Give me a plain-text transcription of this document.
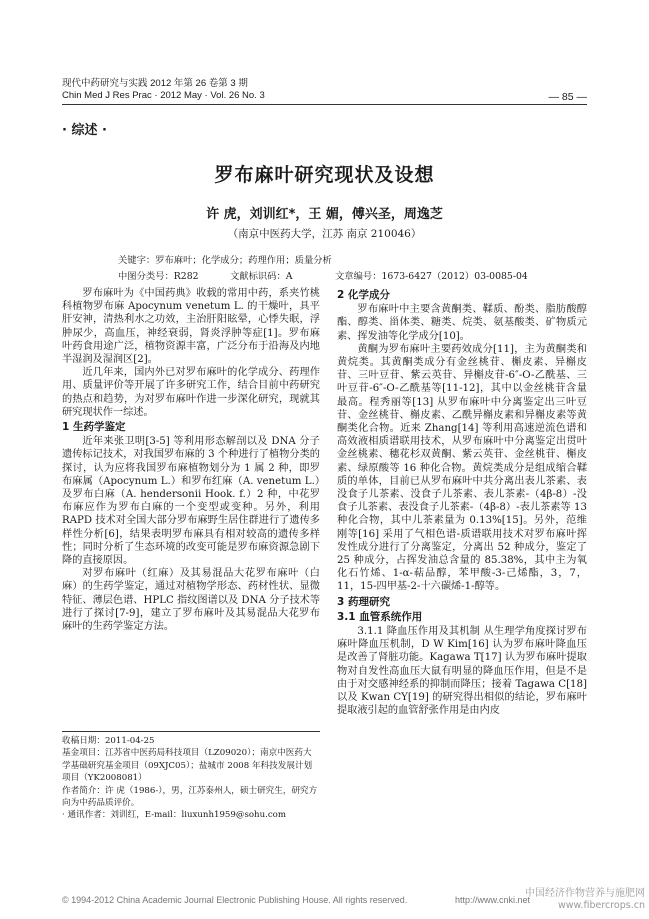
现代中药研究与实践 2012 年第 26 卷第 3 期
Chin Med J Res Prac · 2012 May · Vol. 26 No. 3	— 85 —
· 综述 ·
罗布麻叶研究现状及设想
许 虎，刘训红*，王 媚，傅兴圣，周逸芝
（南京中医药大学，江苏 南京 210046）
关键字：罗布麻叶；化学成分；药理作用；质量分析
中图分类号：R282	文献标识码：A	文章编号：1673-6427（2012）03-0085-04

罗布麻叶为《中国药典》收载的常用中药，系夹竹桃科植物罗布麻 Apocynum venetum L. 的干燥叶，具平肝安神，清热利水之功效，主治肝阳眩晕，心悸失眠，浮肿尿少，高血压，神经衰弱，肾炎浮肿等症[1]。罗布麻叶药食用途广泛，植物资源丰富，广泛分布于沿海及内地半湿润及湿润区[2]。

近几年来，国内外已对罗布麻叶的化学成分、药理作用、质量评价等开展了许多研究工作，结合目前中药研究的热点和趋势，为对罗布麻叶作进一步深化研究，现就其研究现状作一综述。

1 生药学鉴定

近年来张卫明[3-5] 等利用形态解剖以及 DNA 分子遗传标记技术，对我国罗布麻的 3 个种进行了植物分类的探讨，认为应将我国罗布麻植物划分为 1 属 2 种，即罗布麻属（Apocynum L.）和罗布红麻（A. venetum L.）及罗布白麻（A. hendersonii Hook. f.）2 种，中花罗布麻应作为罗布白麻的一个变型或变种。另外，利用 RAPD 技术对全国大部分罗布麻野生居住群进行了遗传多样性分析[6]，结果表明罗布麻具有相对较高的遗传多样性；同时分析了生态环境的改变可能是罗布麻资源急剧下降的直接原因。

对罗布麻叶（红麻）及其易混品大花罗布麻叶（白麻）的生药学鉴定，通过对植物学形态、药材性状、显微特征、薄层色谱、HPLC 指纹图谱以及 DNA 分子技术等进行了探讨[7-9]，建立了罗布麻叶及其易混品大花罗布麻叶的生药学鉴定方法。

收稿日期：2011-04-25
基金项目：江苏省中医药局科技项目（LZ09020）；南京中医药大学基础研究基金项目（09XJC05）；盐城市 2008 年科技发展计划项目（YK2008081）
作者简介：许 虎（1986-），男，江苏泰州人，硕士研究生，研究方向为中药品质评价。
· 通讯作者：刘训红，E-mail：liuxunh1959@sohu.com

2 化学成分

罗布麻叶中主要含黄酮类、鞣质、酚类、脂肪酸醇酯、醇类、甾体类、糖类、烷类、氨基酸类、矿物质元素、挥发油等化学成分[10]。

黄酮为罗布麻叶主要药效成分[11]，主为黄酮类和黄烷类。其黄酮类成分有金丝桃苷、槲皮素、异槲皮苷、三叶豆苷、紫云英苷、异槲皮苷-6″-O-乙酰基、三叶豆苷-6″-O-乙酰基等[11-12]，其中以金丝桃苷含量最高。程秀丽等[13] 从罗布麻叶中分离鉴定出三叶豆苷、金丝桃苷、槲皮素、乙酰异槲皮素和异槲皮素等黄酮类化合物。近来 Zhang[14] 等利用高速逆流色谱和高效液相质谱联用技术，从罗布麻叶中分离鉴定出贯叶金丝桃素、穗花杉双黄酮、紫云英苷、金丝桃苷、槲皮素、绿原酸等 16 种化合物。黄烷类成分是组成缩合鞣质的单体，目前已从罗布麻叶中共分离出表儿茶素、表没食子儿茶素、没食子儿茶素、表儿茶素-（4β-8）-没食子儿茶素、表没食子儿茶素-（4β-8）-表儿茶素等 13 种化合物，其中儿茶素量为 0.13%[15]。另外，范维刚等[16] 采用了气相色谱-质谱联用技术对罗布麻叶挥发性成分进行了分离鉴定，分离出 52 种成分，鉴定了 25 种成分，占挥发油总含量的 85.38%，其中主为氧化石竹烯、1-α-萜品醇，苯甲酸-3-己烯酯，3，7，11，15-四甲基-2-十六碳烯-1-醇等。

3 药理研究

3.1 血管系统作用

3.1.1 降血压作用及其机制 从生理学角度探讨罗布麻叶降血压机制，D W Kim[16] 认为罗布麻叶降血压是改善了肾脏功能。Kagawa T[17] 认为罗布麻叶提取物对自发性高血压大鼠有明显的降血压作用，但是不是由于对交感神经系的抑制而降压；接着 Tagawa C[18] 以及 Kwan CY[19] 的研究得出相似的结论，罗布麻叶提取液引起的血管舒张作用是由内皮

© 1994-2012 China Academic Journal Electronic Publishing House. All rights reserved.	http://www.cnki.net
中国经济作物营养与施肥网
www.fibercrops.cn
